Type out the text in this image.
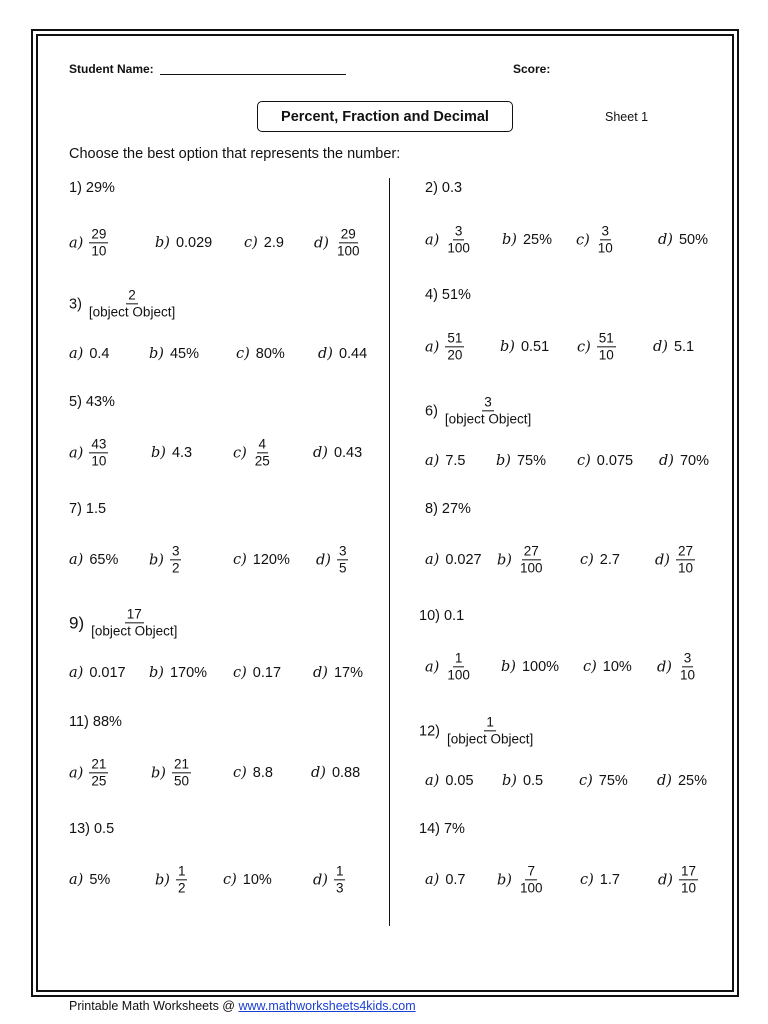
Student Name:	Score:
Percent, Fraction and Decimal	Sheet 1
Choose the best option that represents the number:
1) 29%
$a) \frac{29}{10}$	b) 0.029 c) 2.9 $d) \frac{29}{100}$
2) 0.3
$a) \frac{3}{100} b$) 25% $c) \frac{3}{10}$	d) 50%
$3) \frac{2}{\text{[object Object]}}$
a) 0.4	b) 45%	c) 80% d) 0.44
4) 51%
$a) \frac{51}{20} b$) 0.51 $c) \frac{51}{10}$	d) 5.1
5) 43%
$a) \frac{43}{10}$	b) 4.3	$c) \frac{4}{25}$	d) 0.43
$6) \frac{3}{\text{[object Object]}}$
a) 7.5 b) 75% c) 0.075 d) 70%
7) 1.5
a) 65% $b) \frac{3}{2}$	c) 120% $d) \frac{3}{5}$
8) 27%
a) 0.027 $b) \frac{27}{100} c$) 2.7 $d) \frac{27}{10}$
$9) \frac{17}{\text{[object Object]}}$
a) 0.017 b) 170% c) 0.17 d) 17%
10) 0.1
$a) \frac{1}{100} b$) 100% c) 10% $d) \frac{3}{10}$
11) 88%
$a) \frac{21}{25}$	$b) \frac{21}{50}$	c) 8.8	d) 0.88
$12) \frac{1}{\text{[object Object]}}$
a) 0.05 b) 0.5 c) 75% d) 25%
13) 0.5
a) 5%	$b) \frac{1}{2} c$) 10%	$d) \frac{1}{3}$
14) 7%
a) 0.7 $b) \frac{7}{100} c$) 1.7	$d) \frac{17}{10}$
Printable Math Worksheets @ www.mathworksheets4kids.com
